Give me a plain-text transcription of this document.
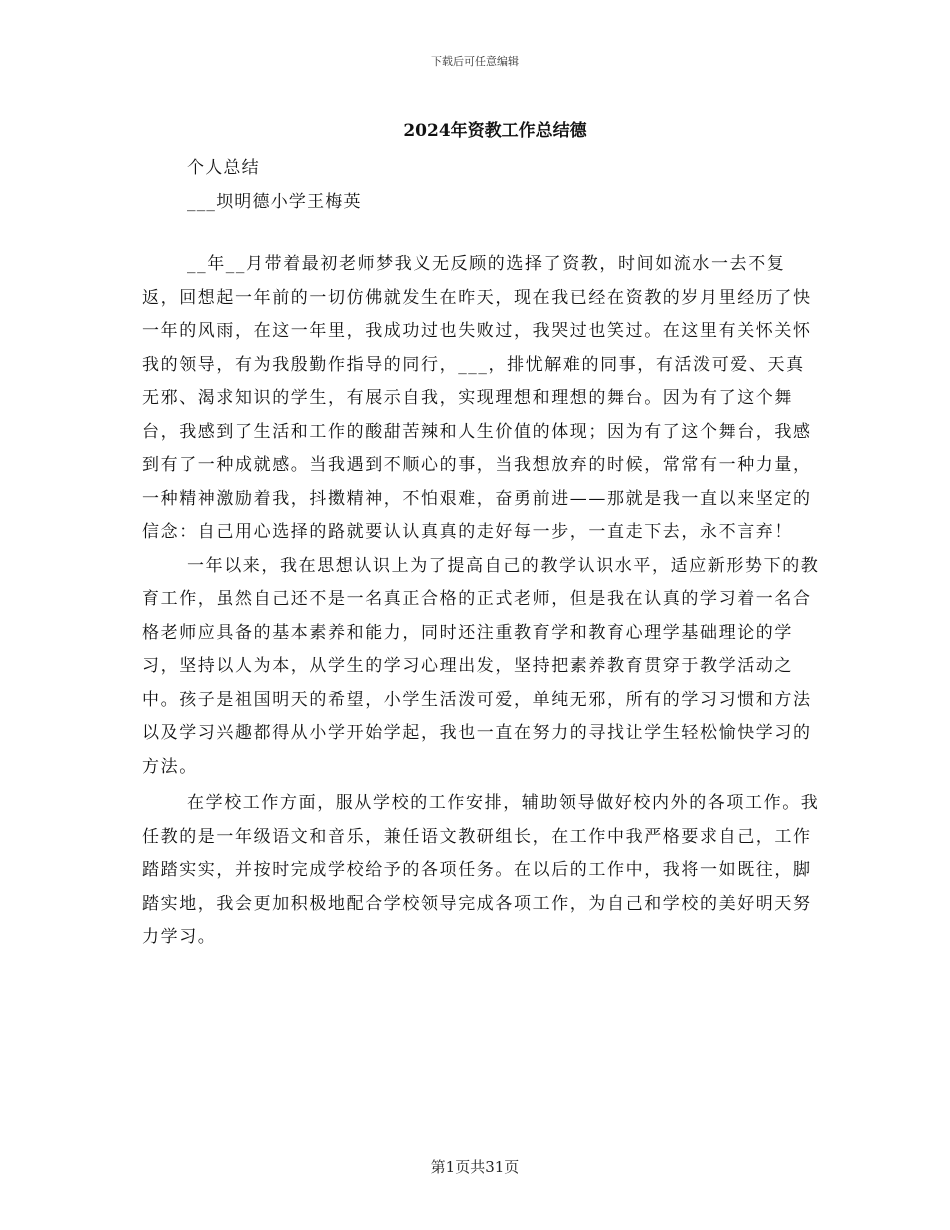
下载后可任意编辑
2024年资教工作总结德
个人总结
___坝明德小学王梅英

__年__月带着最初老师梦我义无反顾的选择了资教，时间如流水一去不复返，回想起一年前的一切仿佛就发生在昨天，现在我已经在资教的岁月里经历了快一年的风雨，在这一年里，我成功过也失败过，我哭过也笑过。在这里有关怀关怀我的领导，有为我殷勤作指导的同行，___，排忧解难的同事，有活泼可爱、天真无邪、渴求知识的学生，有展示自我，实现理想和理想的舞台。因为有了这个舞台，我感到了生活和工作的酸甜苦辣和人生价值的体现；因为有了这个舞台，我感到有了一种成就感。当我遇到不顺心的事，当我想放弃的时候，常常有一种力量，一种精神激励着我，抖擞精神，不怕艰难，奋勇前进——那就是我一直以来坚定的信念：自己用心选择的路就要认认真真的走好每一步，一直走下去，永不言弃！

一年以来，我在思想认识上为了提高自己的教学认识水平，适应新形势下的教育工作，虽然自己还不是一名真正合格的正式老师，但是我在认真的学习着一名合格老师应具备的基本素养和能力，同时还注重教育学和教育心理学基础理论的学习，坚持以人为本，从学生的学习心理出发，坚持把素养教育贯穿于教学活动之中。孩子是祖国明天的希望，小学生活泼可爱，单纯无邪，所有的学习习惯和方法以及学习兴趣都得从小学开始学起，我也一直在努力的寻找让学生轻松愉快学习的方法。

在学校工作方面，服从学校的工作安排，辅助领导做好校内外的各项工作。我任教的是一年级语文和音乐，兼任语文教研组长，在工作中我严格要求自己，工作踏踏实实，并按时完成学校给予的各项任务。在以后的工作中，我将一如既往，脚踏实地，我会更加积极地配合学校领导完成各项工作，为自己和学校的美好明天努力学习。

第1页共31页
